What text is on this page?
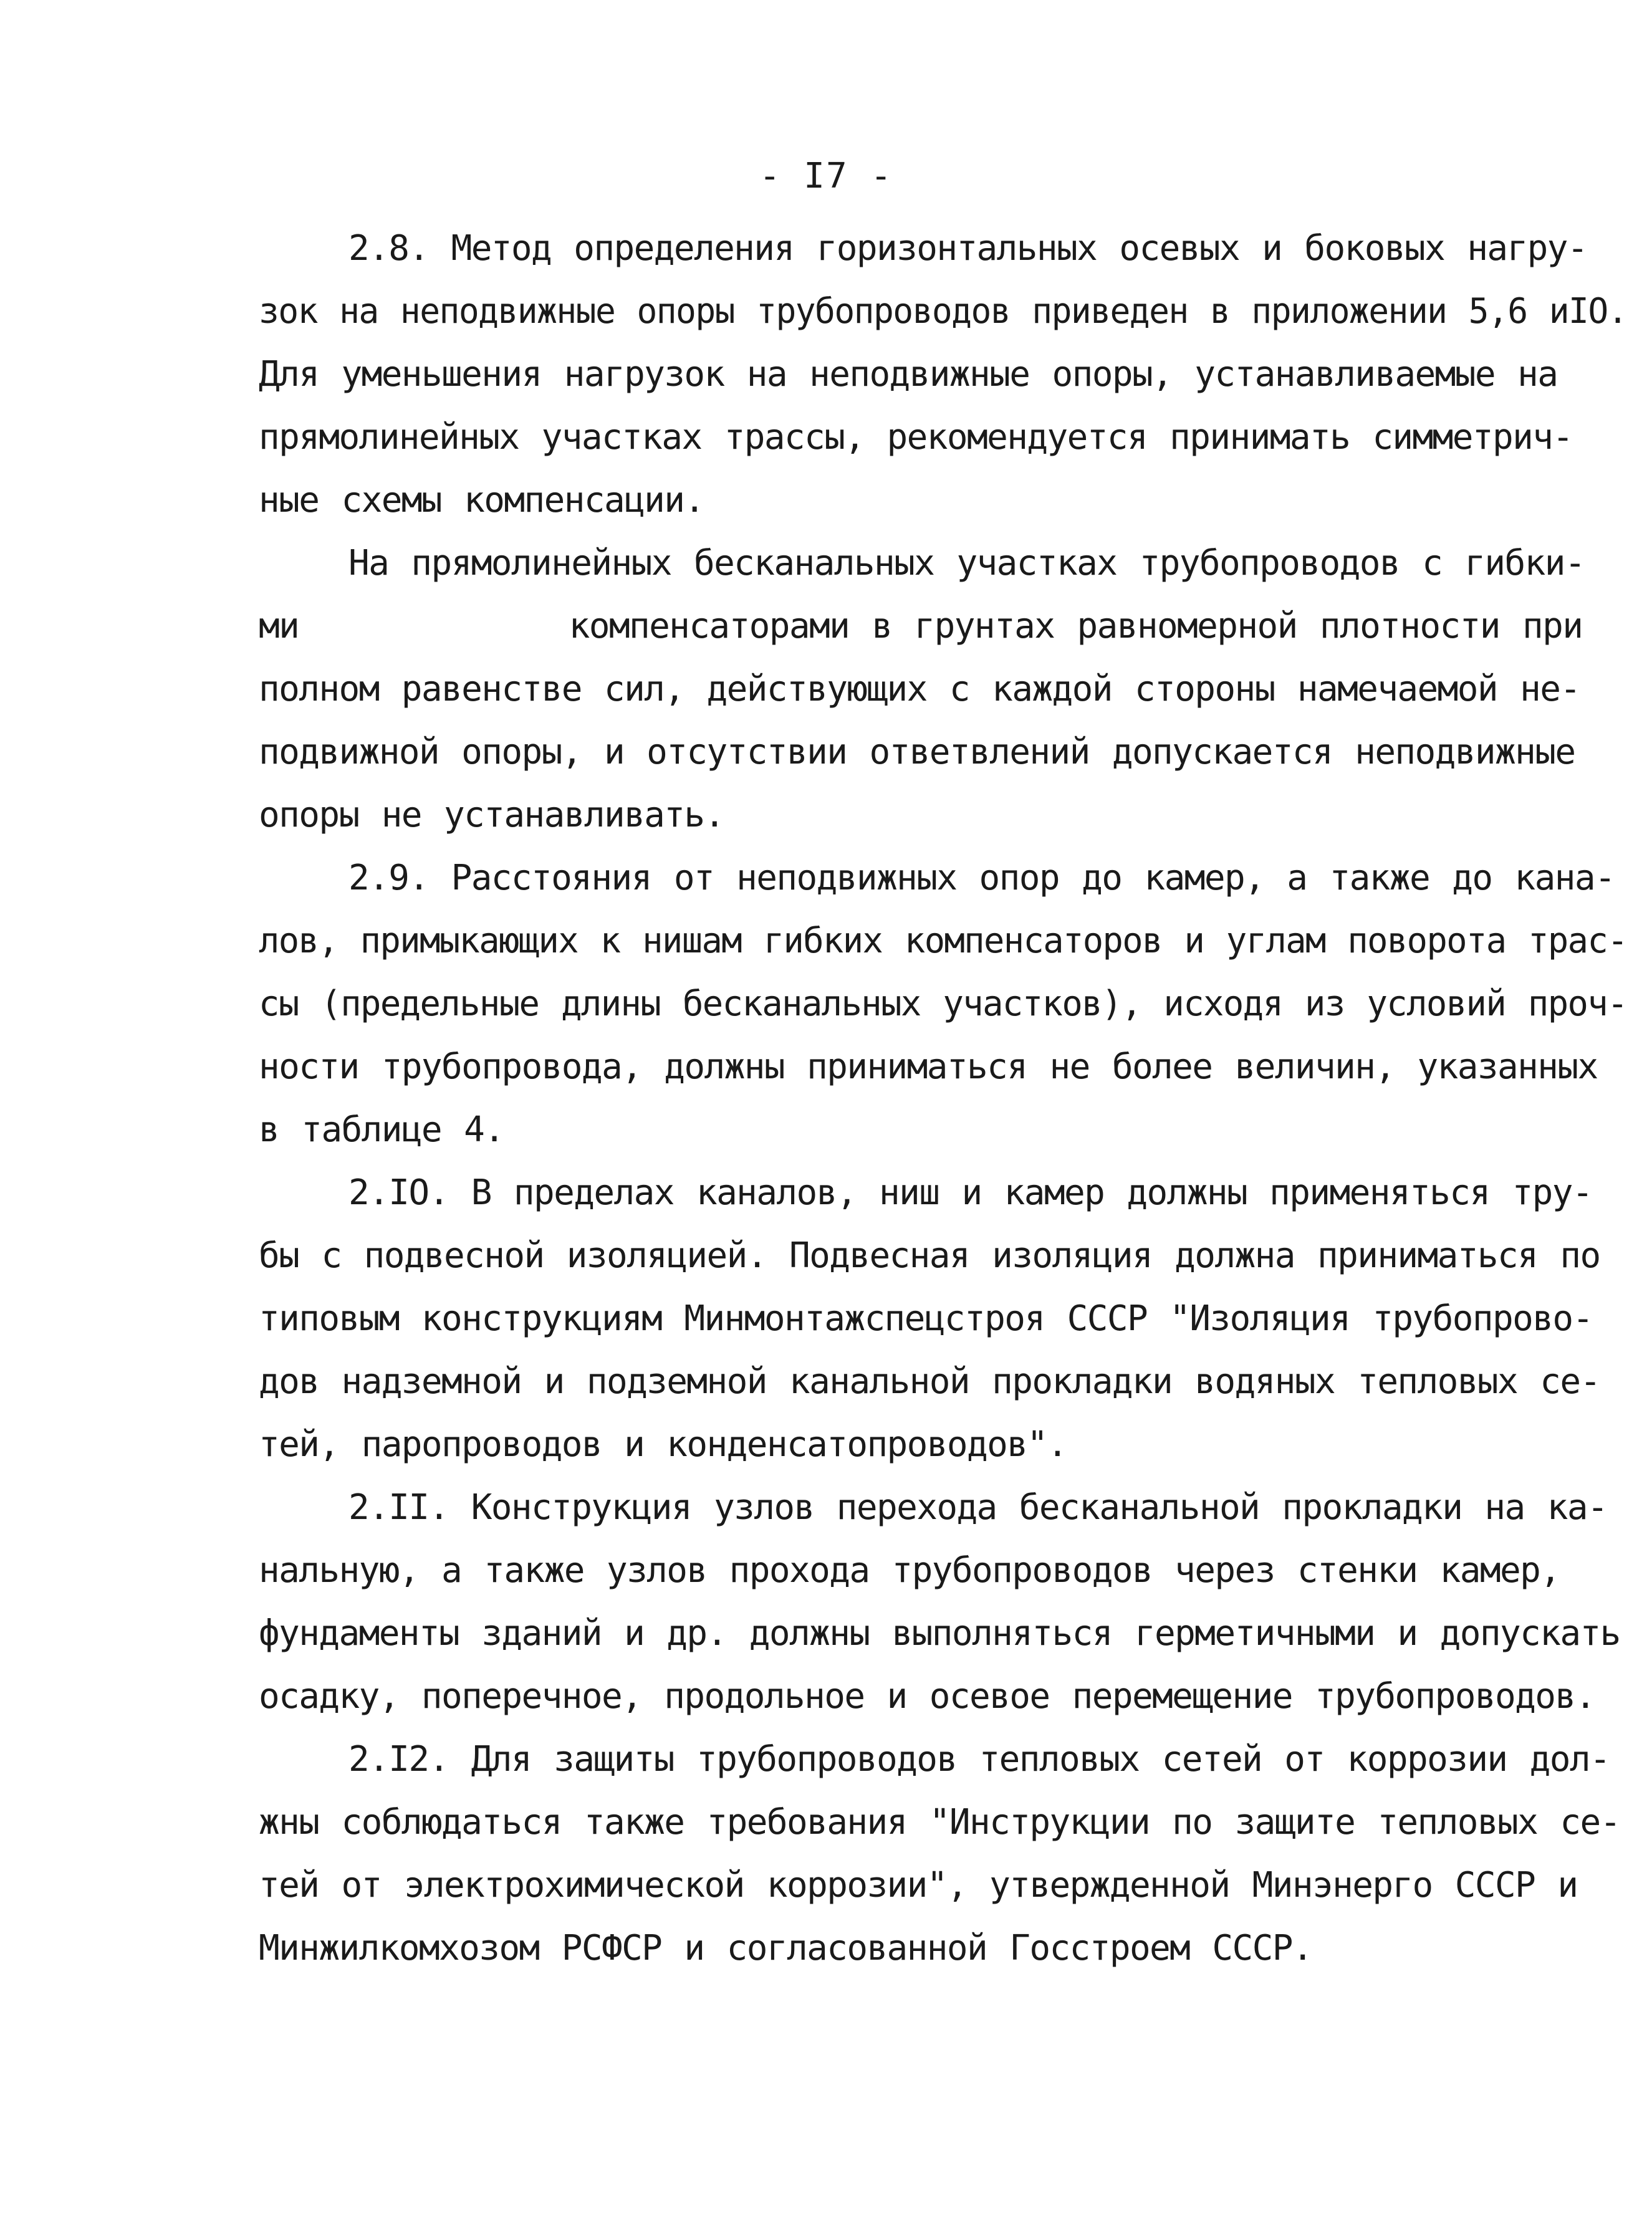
- I7 -
2.8. Метод определения горизонтальных осевых и боковых нагру-
зок на неподвижные опоры трубопроводов приведен в приложении 5,6 иIO.
Для уменьшения нагрузок на неподвижные опоры, устанавливаемые на
прямолинейных участках трассы, рекомендуется принимать симметрич-
ные схемы компенсации.
На прямолинейных бесканальных участках трубопроводов с гибки-
ми            компенсаторами в грунтах равномерной плотности при
полном равенстве сил, действующих с каждой стороны намечаемой не-
подвижной опоры, и отсутствии ответвлений допускается неподвижные
опоры не устанавливать.
2.9. Расстояния от неподвижных опор до камер, а также до кана-
лов, примыкающих к нишам гибких компенсаторов и углам поворота трас-
сы (предельные длины бесканальных участков), исходя из условий проч-
ности трубопровода, должны приниматься не более величин, указанных
в таблице 4.
2.IO. В пределах каналов, ниш и камер должны применяться тру-
бы с подвесной изоляцией. Подвесная изоляция должна приниматься по
типовым конструкциям Минмонтажспецстроя СССР "Изоляция трубопрово-
дов надземной и подземной канальной прокладки водяных тепловых се-
тей, паропроводов и конденсатопроводов".
2.II. Конструкция узлов перехода бесканальной прокладки на ка-
нальную, а также узлов прохода трубопроводов через стенки камер,
фундаменты зданий и др. должны выполняться герметичными и допускать
осадку, поперечное, продольное и осевое перемещение трубопроводов.
2.I2. Для защиты трубопроводов тепловых сетей от коррозии дол-
жны соблюдаться также требования "Инструкции по защите тепловых се-
тей от электрохимической коррозии", утвержденной Минэнерго СССР и
Минжилкомхозом РСФСР и согласованной Госстроем СССР.
